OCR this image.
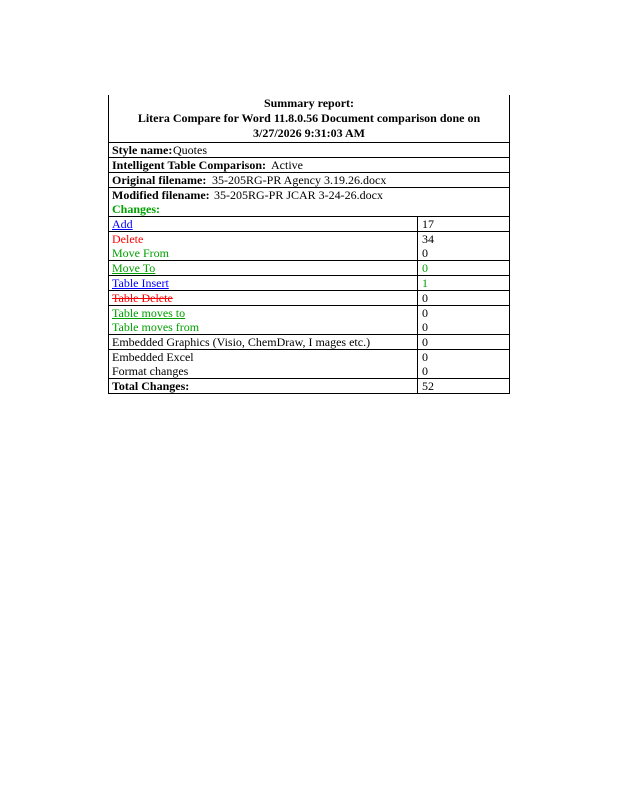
Summary report:
Litera Compare for Word 11.8.0.56 Document comparison done on
3/27/2026 9:31:03 AM	

Style name: Quotes	

Intelligent Table Comparison: Active	

Original filename: 35-205RG-PR Agency 3.19.26.docx	

Modified filename: 35-205RG-PR JCAR 3-24-26.docx
Changes:	

Add	17
Delete	34
Move From	0
Move To	0
Table Insert	1
Table Delete	0
Table moves to	0
Table moves from	0
Embedded Graphics (Visio, ChemDraw, I mages etc.)	0
Embedded Excel	0
Format changes	0
Total Changes:	52
